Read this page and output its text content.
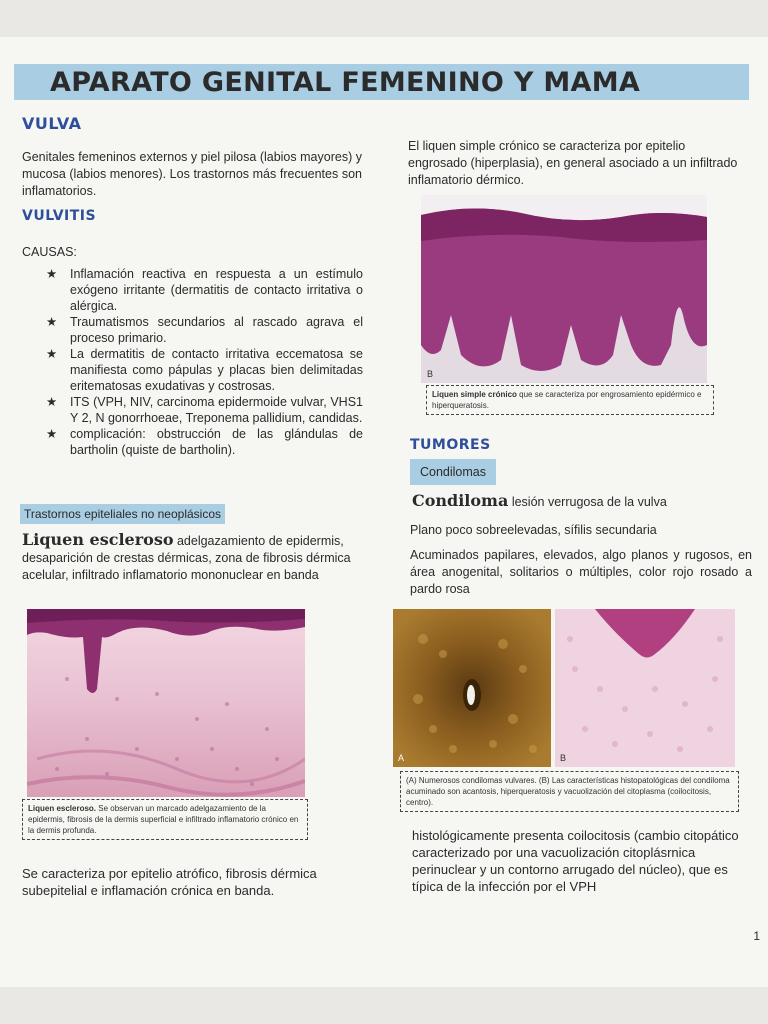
APARATO GENITAL FEMENINO Y MAMA
VULVA

Genitales femeninos externos y piel pilosa (labios mayores) y mucosa (labios menores). Los trastornos más frecuentes son inflamatorios.

VULVITIS
CAUSAS:
★ Inflamación reactiva en respuesta a un estímulo exógeno irritante (dermatitis de contacto irritativa o alérgica.
★ Traumatismos secundarios al rascado agrava el proceso primario.
★ La dermatitis de contacto irritativa eccematosa se manifiesta como pápulas y placas bien delimitadas eritematosas exudativas y costrosas.
★ ITS (VPH, NIV, carcinoma epidermoide vulvar, VHS1 Y 2, N gonorrhoeae, Treponema pallidium, candidas.
★ complicación: obstrucción de las glándulas de bartholin (quiste de bartholin).
Trastornos epiteliales no neoplásicos

Liquen escleroso adelgazamiento de epidermis, desaparición de crestas dérmicas, zona de fibrosis dérmica acelular, infiltrado inflamatorio mononuclear en banda

Liquen escleroso. Se observan un marcado adelgazamiento de la epidermis, fibrosis de la dermis superficial e infiltrado inflamatorio crónico en la dermis profunda.

Se caracteriza por epitelio atrófico, fibrosis dérmica subepitelial e inflamación crónica en banda.

El liquen simple crónico se caracteriza por epitelio engrosado (hiperplasia), en general asociado a un infiltrado inflamatorio dérmico.

B
Liquen simple crónico que se caracteriza por engrosamiento epidérmico e hiperqueratosis.
TUMORES
Condilomas

Condiloma lesión verrugosa de la vulva

Plano poco sobreelevadas, sífilis secundaria

Acuminados papilares, elevados, algo planos y rugosos, en área anogenital, solitarios o múltiples, color rojo rosado a pardo rosa

A	B
(A) Numerosos condilomas vulvares. (B) Las características histopatológicas del condiloma acuminado son acantosis, hiperqueratosis y vacuolización del citoplasma (coilocitosis, centro).

histológicamente presenta coilocitosis (cambio citopático caracterizado por una vacuolización citoplásrnica perinuclear y un contorno arrugado del núcleo), que es típica de la infección por el VPH

1
